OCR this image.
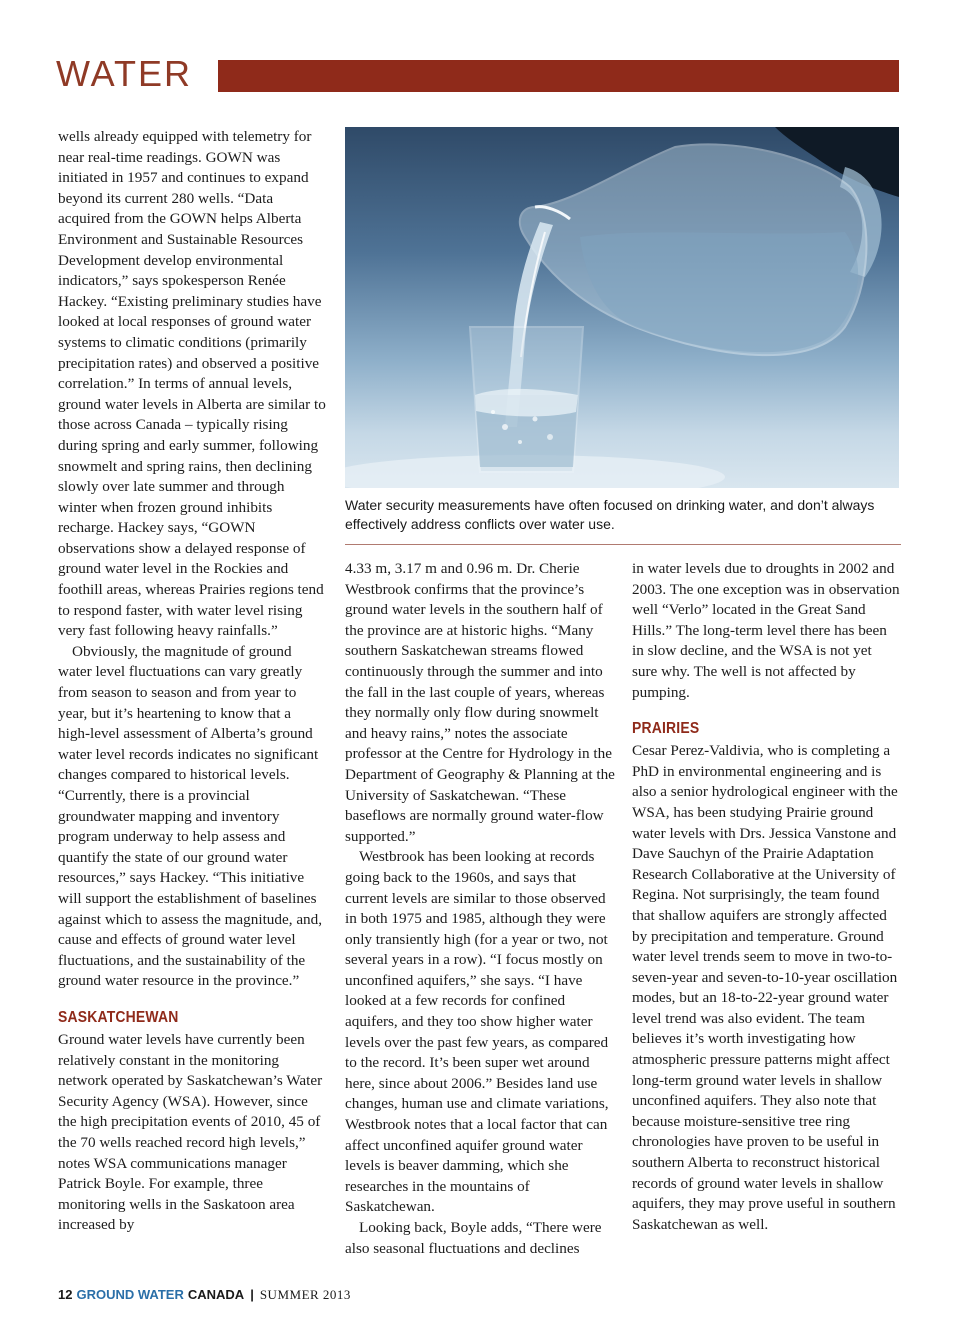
WATER

wells already equipped with telemetry for near real-time readings. GOWN was initiated in 1957 and continues to expand beyond its current 280 wells. “Data acquired from the GOWN helps Alberta Environment and Sustainable Resources Development develop environmental indicators,” says spokesperson Renée Hackey. “Existing preliminary studies have looked at local responses of ground water systems to climatic conditions (primarily precipitation rates) and observed a positive correlation.” In terms of annual levels, ground water levels in Alberta are similar to those across Canada – typically rising during spring and early summer, following snowmelt and spring rains, then declining slowly over late summer and through winter when frozen ground inhibits recharge. Hackey says, “GOWN observations show a delayed response of ground water level in the Rockies and foothill areas, whereas Prairies regions tend to respond faster, with water level rising very fast following heavy rainfalls.”

Obviously, the magnitude of ground water level fluctuations can vary greatly from season to season and from year to year, but it’s heartening to know that a high-level assessment of Alberta’s ground water level records indicates no significant changes compared to historical levels. “Currently, there is a provincial groundwater mapping and inventory program underway to help assess and quantify the state of our ground water resources,” says Hackey. “This initiative will support the establishment of baselines against which to assess the magnitude, and, cause and effects of ground water level fluctuations, and the sustainability of the ground water resource in the province.”

SASKATCHEWAN

Ground water levels have currently been relatively constant in the monitoring network operated by Saskatchewan’s Water Security Agency (WSA). However, since the high precipitation events of 2010, 45 of the 70 wells reached record high levels,” notes WSA communications manager Patrick Boyle. For example, three monitoring wells in the Saskatoon area increased by

Water security measurements have often focused on drinking water, and don’t always effectively address conflicts over water use.

4.33 m, 3.17 m and 0.96 m. Dr. Cherie Westbrook confirms that the province’s ground water levels in the southern half of the province are at historic highs. “Many southern Saskatchewan streams flowed continuously through the summer and into the fall in the last couple of years, whereas they normally only flow during snowmelt and heavy rains,” notes the associate professor at the Centre for Hydrology in the Department of Geography & Planning at the University of Saskatchewan. “These baseflows are normally ground water-flow supported.”

Westbrook has been looking at records going back to the 1960s, and says that current levels are similar to those observed in both 1975 and 1985, although they were only transiently high (for a year or two, not several years in a row). “I focus mostly on unconfined aquifers,” she says. “I have looked at a few records for confined aquifers, and they too show higher water levels over the past few years, as compared to the record. It’s been super wet around here, since about 2006.” Besides land use changes, human use and climate variations, Westbrook notes that a local factor that can affect unconfined aquifer ground water levels is beaver damming, which she researches in the mountains of Saskatchewan.

Looking back, Boyle adds, “There were also seasonal fluctuations and declines

in water levels due to droughts in 2002 and 2003. The one exception was in observation well “Verlo” located in the Great Sand Hills.” The long-term level there has been in slow decline, and the WSA is not yet sure why. The well is not affected by pumping.

PRAIRIES

Cesar Perez-Valdivia, who is completing a PhD in environmental engineering and is also a senior hydrological engineer with the WSA, has been studying Prairie ground water levels with Drs. Jessica Vanstone and Dave Sauchyn of the Prairie Adaptation Research Collaborative at the University of Regina. Not surprisingly, the team found that shallow aquifers are strongly affected by precipitation and temperature. Ground water level trends seem to move in two-to-seven-year and seven-to-10-year oscillation modes, but an 18-to-22-year ground water level trend was also evident. The team believes it’s worth investigating how atmospheric pressure patterns might affect long-term ground water levels in shallow unconfined aquifers. They also note that because moisture-sensitive tree ring chronologies have proven to be useful in southern Alberta to reconstruct historical records of ground water levels in shallow aquifers, they may prove useful in southern Saskatchewan as well.

12 GROUND WATER CANADA | SUMMER 2013
